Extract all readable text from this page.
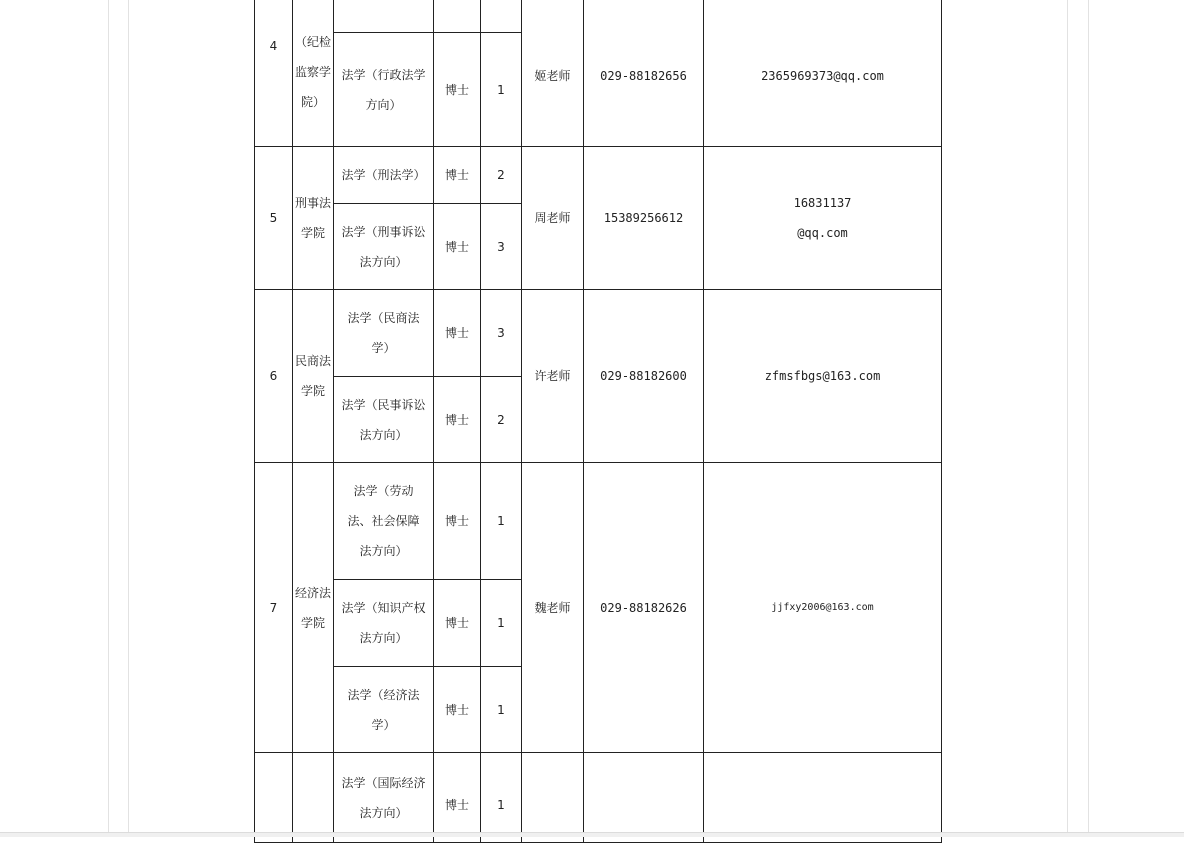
4	（纪检监察学院）				姬老师	029-88182656	2365969373@qq.com
		法学（行政法学方向）	博士	1			
5	刑事法学院	法学（刑法学）	博士	2	周老师	15389256612	16831137
@qq.com

		法学（刑事诉讼法方向）	博士	3			
6	民商法学院	法学（民商法学）	博士	3	许老师	029-88182600	zfmsfbgs@163.com
		法学（民事诉讼法方向）	博士	2			
7	经济法学院	法学（劳动法、社会保障法方向）	博士	1	魏老师	029-88182626	jjfxy2006@163.com
		法学（知识产权法方向）	博士	1			
		法学（经济法学）	博士	1			
		法学（国际经济法方向）	博士	1			
